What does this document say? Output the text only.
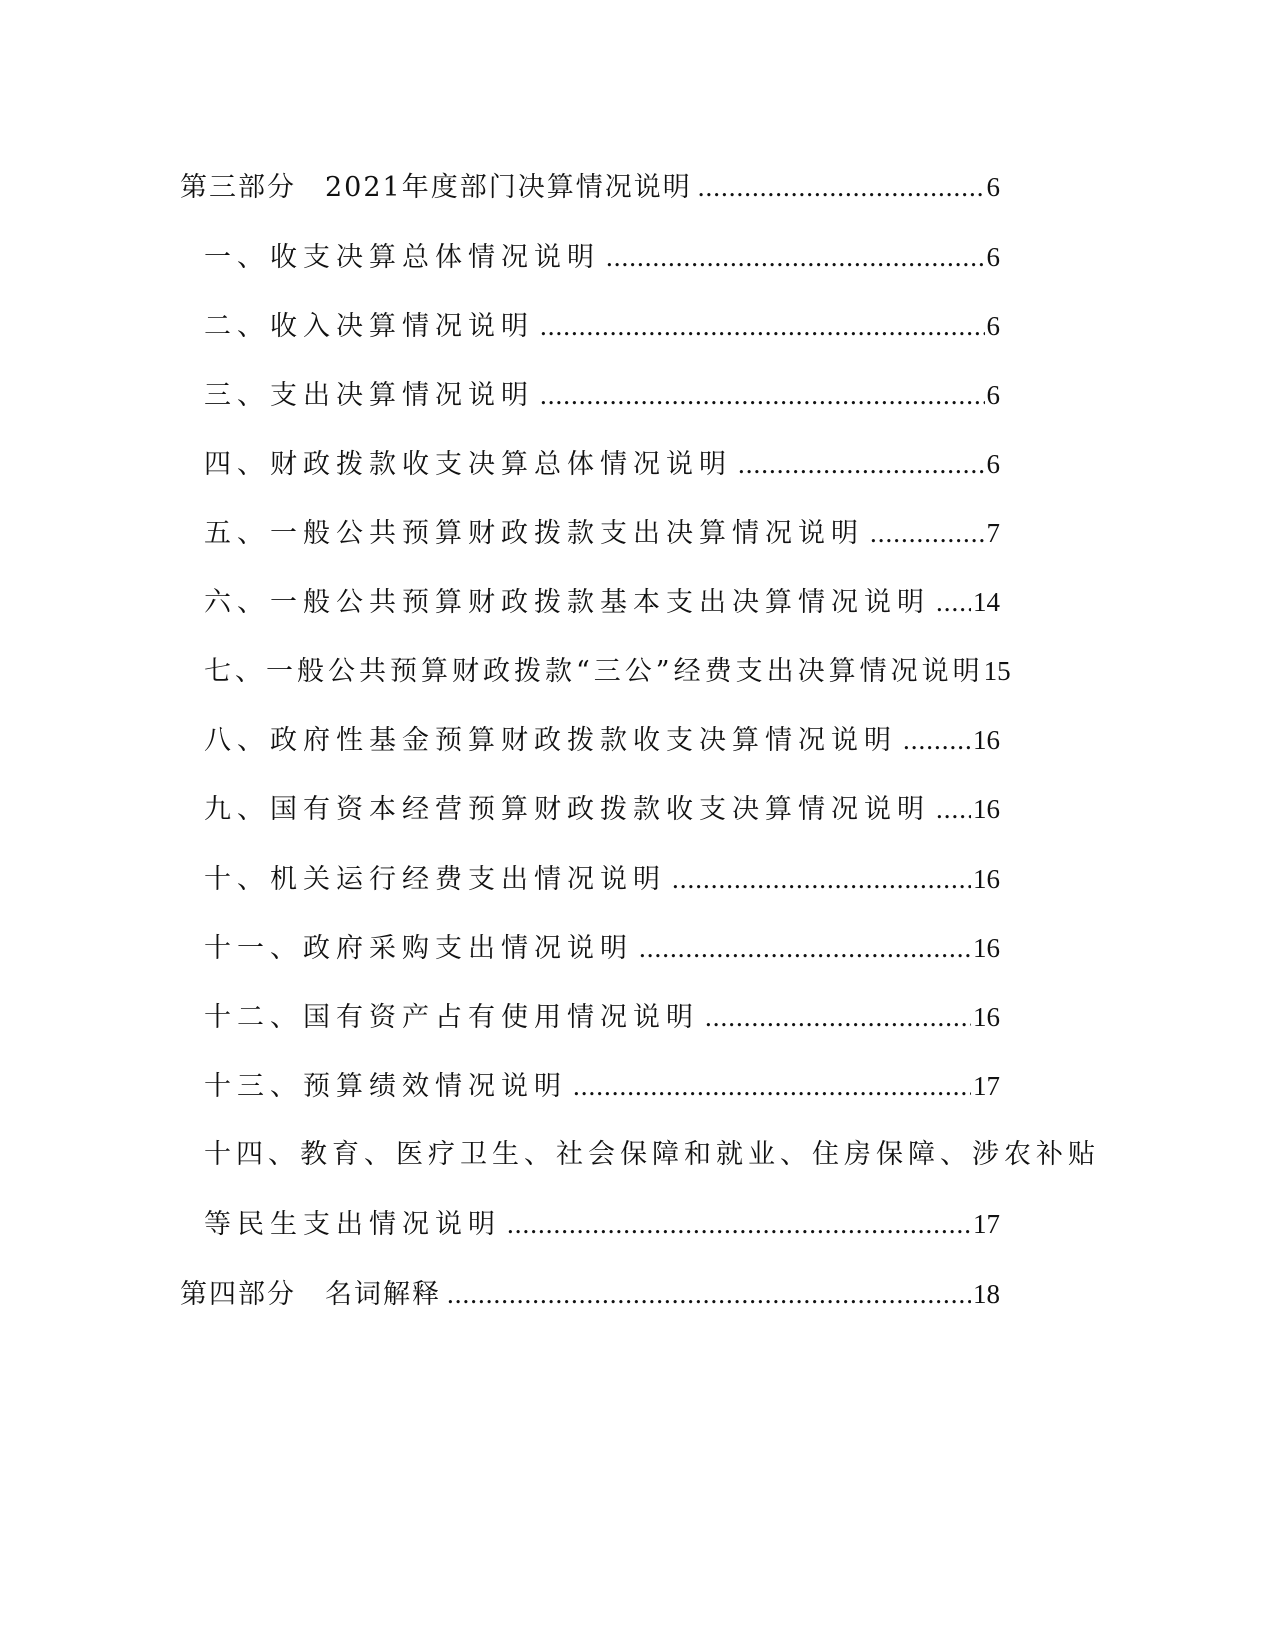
第三部分　2021年度部门决算情况说明 .....	6
一、收支决算总体情况说明 .....	6
二、收入决算情况说明 .....	6
三、支出决算情况说明 .....	6
四、财政拨款收支决算总体情况说明 .....	6
五、一般公共预算财政拨款支出决算情况说明 .....	7
六、一般公共预算财政拨款基本支出决算情况说明 ..... 14
七、一般公共预算财政拨款“三公”经费支出决算情况说明 15
八、政府性基金预算财政拨款收支决算情况说明 .....	16
九、国有资本经营预算财政拨款收支决算情况说明 ..... 16
十、机关运行经费支出情况说明 .....	16
十一、政府采购支出情况说明 .....	16
十二、国有资产占有使用情况说明 .....	16
十三、预算绩效情况说明 .....	17
十四、教育、医疗卫生、社会保障和就业、住房保障、涉农补贴
等民生支出情况说明 .....	17
第四部分　名词解释 .....	18
